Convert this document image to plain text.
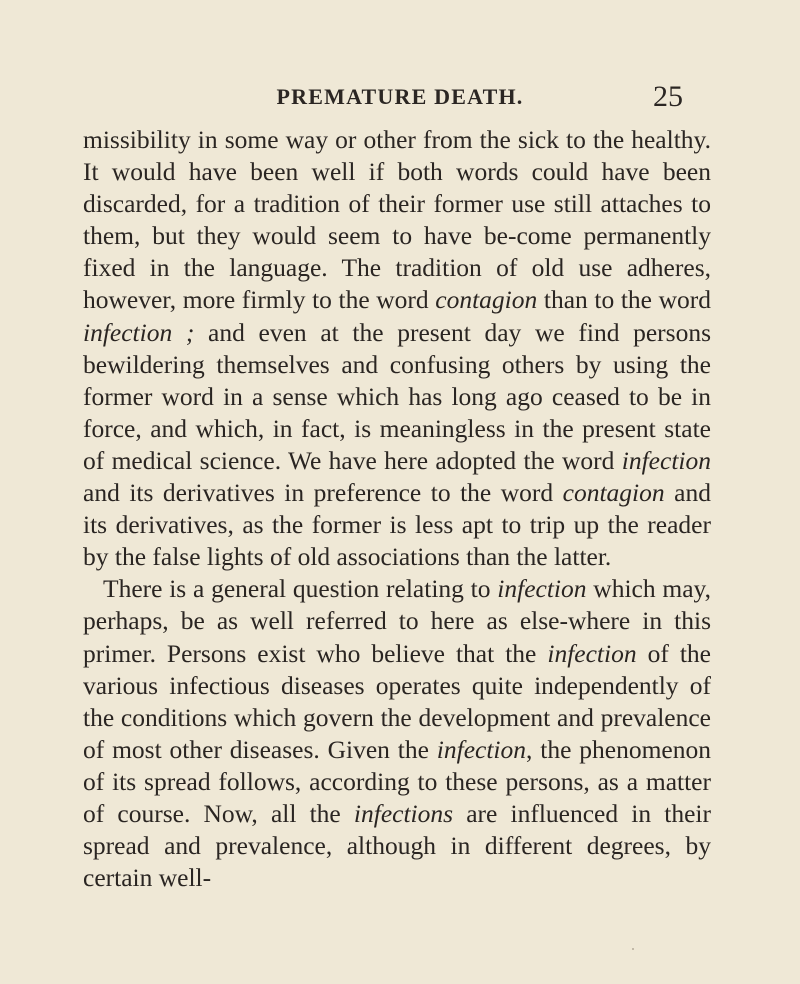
PREMATURE DEATH.	25

missibility in some way or other from the sick to the healthy. It would have been well if both words could have been discarded, for a tradition of their former use still attaches to them, but they would seem to have be-come permanently fixed in the language. The tradition of old use adheres, however, more firmly to the word contagion than to the word infection ; and even at the present day we find persons bewildering themselves and confusing others by using the former word in a sense which has long ago ceased to be in force, and which, in fact, is meaningless in the present state of medical science. We have here adopted the word infection and its derivatives in preference to the word contagion and its derivatives, as the former is less apt to trip up the reader by the false lights of old associations than the latter.

There is a general question relating to infection which may, perhaps, be as well referred to here as else-where in this primer. Persons exist who believe that the infection of the various infectious diseases operates quite independently of the conditions which govern the development and prevalence of most other diseases. Given the infection, the phenomenon of its spread follows, according to these persons, as a matter of course. Now, all the infections are influenced in their spread and prevalence, although in different degrees, by certain well-
